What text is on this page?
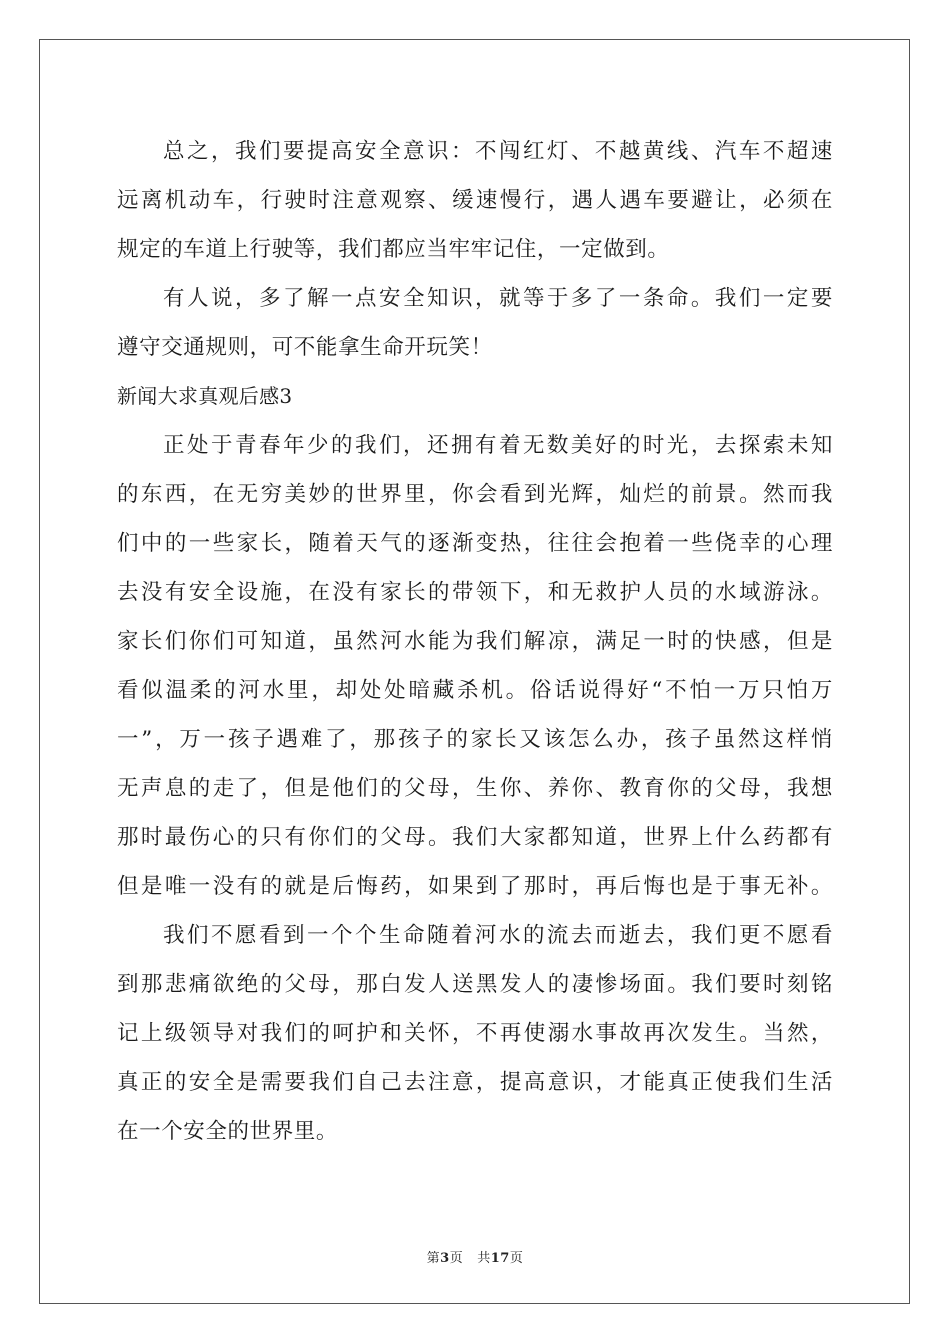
总之，我们要提高安全意识：不闯红灯、不越黄线、汽车不超速
远离机动车，行驶时注意观察、缓速慢行，遇人遇车要避让，必须在
规定的车道上行驶等，我们都应当牢牢记住，一定做到。
有人说，多了解一点安全知识，就等于多了一条命。我们一定要
遵守交通规则，可不能拿生命开玩笑！
新闻大求真观后感3
正处于青春年少的我们，还拥有着无数美好的时光，去探索未知
的东西，在无穷美妙的世界里，你会看到光辉，灿烂的前景。然而我
们中的一些家长，随着天气的逐渐变热，往往会抱着一些侥幸的心理
去没有安全设施，在没有家长的带领下，和无救护人员的水域游泳。
家长们你们可知道，虽然河水能为我们解凉，满足一时的快感，但是
看似温柔的河水里，却处处暗藏杀机。俗话说得好“不怕一万只怕万
一”，万一孩子遇难了，那孩子的家长又该怎么办，孩子虽然这样悄
无声息的走了，但是他们的父母，生你、养你、教育你的父母，我想
那时最伤心的只有你们的父母。我们大家都知道，世界上什么药都有
但是唯一没有的就是后悔药，如果到了那时，再后悔也是于事无补。
我们不愿看到一个个生命随着河水的流去而逝去，我们更不愿看
到那悲痛欲绝的父母，那白发人送黑发人的凄惨场面。我们要时刻铭
记上级领导对我们的呵护和关怀，不再使溺水事故再次发生。当然，
真正的安全是需要我们自己去注意，提高意识，才能真正使我们生活
在一个安全的世界里。
第3页 共17页
